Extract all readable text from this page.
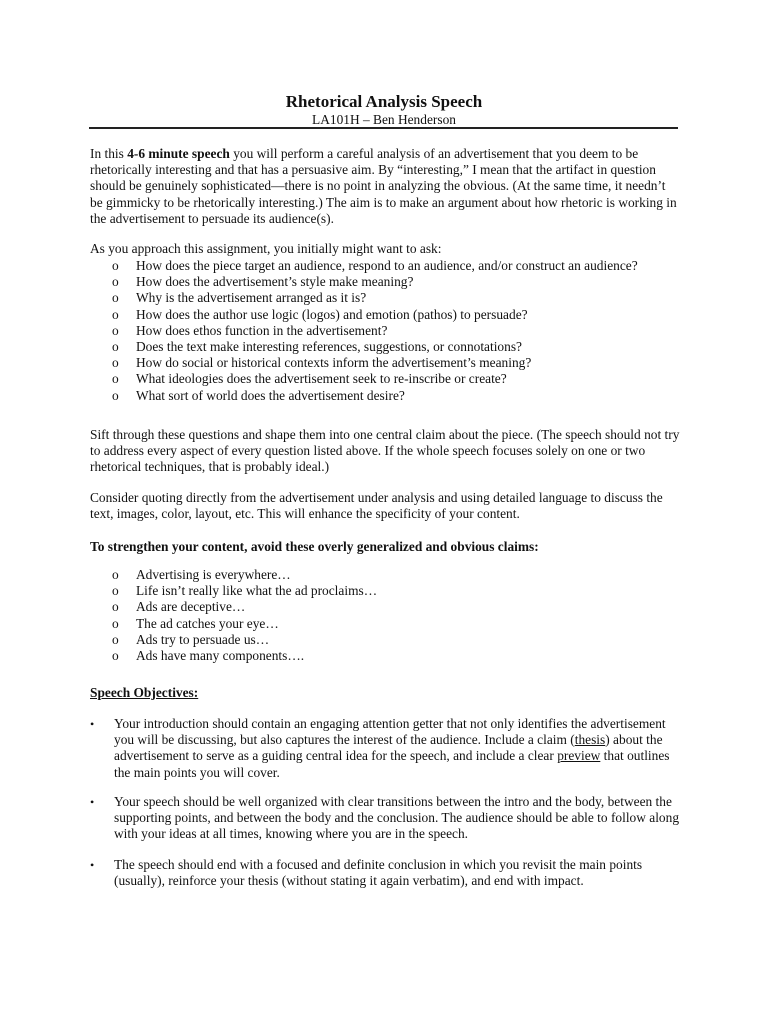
Rhetorical Analysis Speech
LA101H – Ben Henderson

In this 4-6 minute speech you will perform a careful analysis of an advertisement that you deem to be rhetorically interesting and that has a persuasive aim. By “interesting,” I mean that the artifact in question should be genuinely sophisticated—there is no point in analyzing the obvious. (At the same time, it needn’t be gimmicky to be rhetorically interesting.) The aim is to make an argument about how rhetoric is working in the advertisement to persuade its audience(s).

As you approach this assignment, you initially might want to ask:

o How does the piece target an audience, respond to an audience, and/or construct an audience?
o How does the advertisement’s style make meaning?
o Why is the advertisement arranged as it is?
o How does the author use logic (logos) and emotion (pathos) to persuade?
o How does ethos function in the advertisement?
o Does the text make interesting references, suggestions, or connotations?
o How do social or historical contexts inform the advertisement’s meaning?
o What ideologies does the advertisement seek to re-inscribe or create?
o What sort of world does the advertisement desire?

Sift through these questions and shape them into one central claim about the piece. (The speech should not try to address every aspect of every question listed above. If the whole speech focuses solely on one or two rhetorical techniques, that is probably ideal.)

Consider quoting directly from the advertisement under analysis and using detailed language to discuss the text, images, color, layout, etc. This will enhance the specificity of your content.

To strengthen your content, avoid these overly generalized and obvious claims:

o Advertising is everywhere…
o Life isn’t really like what the ad proclaims…
o Ads are deceptive…
o The ad catches your eye…
o Ads try to persuade us…
o Ads have many components….

Speech Objectives:

• Your introduction should contain an engaging attention getter that not only identifies the advertisement you will be discussing, but also captures the interest of the audience. Include a claim (thesis) about the advertisement to serve as a guiding central idea for the speech, and include a clear preview that outlines the main points you will cover.
• Your speech should be well organized with clear transitions between the intro and the body, between the supporting points, and between the body and the conclusion. The audience should be able to follow along with your ideas at all times, knowing where you are in the speech.
• The speech should end with a focused and definite conclusion in which you revisit the main points (usually), reinforce your thesis (without stating it again verbatim), and end with impact.
